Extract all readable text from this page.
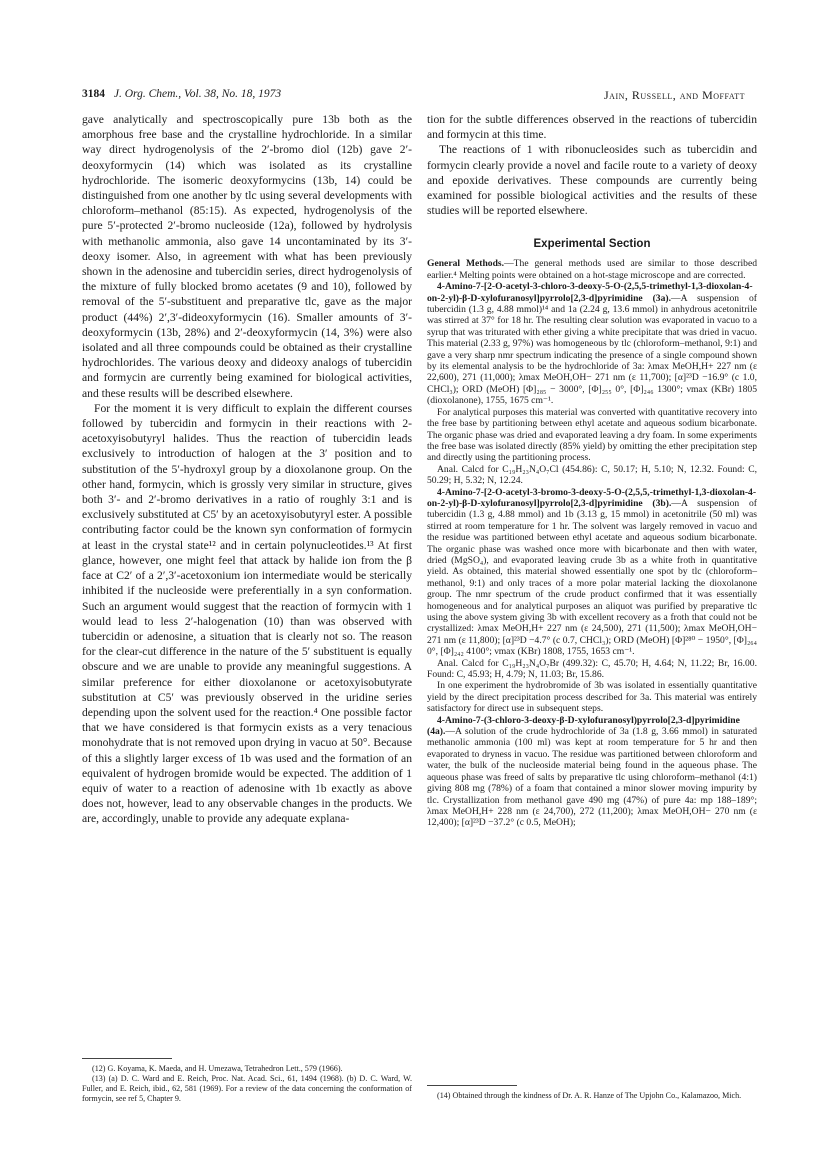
3184 J. Org. Chem., Vol. 38, No. 18, 1973	Jain, Russell, and Moffatt

gave analytically and spectroscopically pure 13b both as the amorphous free base and the crystalline hydrochloride. In a similar way direct hydrogenolysis of the 2′-bromo diol (12b) gave 2′-deoxyformycin (14) which was isolated as its crystalline hydrochloride. The isomeric deoxyformycins (13b, 14) could be distinguished from one another by tlc using several developments with chloroform–methanol (85:15). As expected, hydrogenolysis of the pure 5′-protected 2′-bromo nucleoside (12a), followed by hydrolysis with methanolic ammonia, also gave 14 uncontaminated by its 3′-deoxy isomer. Also, in agreement with what has been previously shown in the adenosine and tubercidin series, direct hydrogenolysis of the mixture of fully blocked bromo acetates (9 and 10), followed by removal of the 5′-substituent and preparative tlc, gave as the major product (44%) 2′,3′-dideoxyformycin (16). Smaller amounts of 3′-deoxyformycin (13b, 28%) and 2′-deoxyformycin (14, 3%) were also isolated and all three compounds could be obtained as their crystalline hydrochlorides. The various deoxy and dideoxy analogs of tubercidin and formycin are currently being examined for biological activities, and these results will be described elsewhere.

For the moment it is very difficult to explain the different courses followed by tubercidin and formycin in their reactions with 2-acetoxyisobutyryl halides. Thus the reaction of tubercidin leads exclusively to introduction of halogen at the 3′ position and to substitution of the 5′-hydroxyl group by a dioxolanone group. On the other hand, formycin, which is grossly very similar in structure, gives both 3′- and 2′-bromo derivatives in a ratio of roughly 3:1 and is exclusively substituted at C5′ by an acetoxyisobutyryl ester. A possible contributing factor could be the known syn conformation of formycin at least in the crystal state¹² and in certain polynucleotides.¹³ At first glance, however, one might feel that attack by halide ion from the β face at C2′ of a 2′,3′-acetoxonium ion intermediate would be sterically inhibited if the nucleoside were preferentially in a syn conformation. Such an argument would suggest that the reaction of formycin with 1 would lead to less 2′-halogenation (10) than was observed with tubercidin or adenosine, a situation that is clearly not so. The reason for the clear-cut difference in the nature of the 5′ substituent is equally obscure and we are unable to provide any meaningful suggestions. A similar preference for either dioxolanone or acetoxyisobutyrate substitution at C5′ was previously observed in the uridine series depending upon the solvent used for the reaction.⁴ One possible factor that we have considered is that formycin exists as a very tenacious monohydrate that is not removed upon drying in vacuo at 50°. Because of this a slightly larger excess of 1b was used and the formation of an equivalent of hydrogen bromide would be expected. The addition of 1 equiv of water to a reaction of adenosine with 1b exactly as above does not, however, lead to any observable changes in the products. We are, accordingly, unable to provide any adequate explana-

tion for the subtle differences observed in the reactions of tubercidin and formycin at this time.

The reactions of 1 with ribonucleosides such as tubercidin and formycin clearly provide a novel and facile route to a variety of deoxy and epoxide derivatives. These compounds are currently being examined for possible biological activities and the results of these studies will be reported elsewhere.

Experimental Section

General Methods.—The general methods used are similar to those described earlier.⁴ Melting points were obtained on a hot-stage microscope and are corrected.

4-Amino-7-[2-O-acetyl-3-chloro-3-deoxy-5-O-(2,5,5-trimethyl-1,3-dioxolan-4-on-2-yl)-β-D-xylofuranosyl]pyrrolo[2,3-d]pyrimidine (3a).—A suspension of tubercidin (1.3 g, 4.88 mmol)¹⁴ and 1a (2.24 g, 13.6 mmol) in anhydrous acetonitrile was stirred at 37° for 18 hr. The resulting clear solution was evaporated in vacuo to a syrup that was triturated with ether giving a white precipitate that was dried in vacuo. This material (2.33 g, 97%) was homogeneous by tlc (chloroform–methanol, 9:1) and gave a very sharp nmr spectrum indicating the presence of a single compound shown by its elemental analysis to be the hydrochloride of 3a: λmax MeOH,H+ 227 nm (ε 22,600), 271 (11,000); λmax MeOH,OH− 271 nm (ε 11,700); [α]²³D −16.9° (c 1.0, CHCl₃); ORD (MeOH) [Φ]₂₈₅ − 3000°, [Φ]₂₅₅ 0°, [Φ]₂₄₆ 1300°; νmax (KBr) 1805 (dioxolanone), 1755, 1675 cm⁻¹.

For analytical purposes this material was converted with quantitative recovery into the free base by partitioning between ethyl acetate and aqueous sodium bicarbonate. The organic phase was dried and evaporated leaving a dry foam. In some experiments the free base was isolated directly (85% yield) by omitting the ether precipitation step and directly using the partitioning process.

Anal. Calcd for C₁₉H₂₃N₄O₇Cl (454.86): C, 50.17; H, 5.10; N, 12.32. Found: C, 50.29; H, 5.32; N, 12.24.

4-Amino-7-[2-O-acetyl-3-bromo-3-deoxy-5-O-(2,5,5,-trimethyl-1,3-dioxolan-4-on-2-yl)-β-D-xylofuranosyl]pyrrolo[2,3-d]pyrimidine (3b).—A suspension of tubercidin (1.3 g, 4.88 mmol) and 1b (3.13 g, 15 mmol) in acetonitrile (50 ml) was stirred at room temperature for 1 hr. The solvent was largely removed in vacuo and the residue was partitioned between ethyl acetate and aqueous sodium bicarbonate. The organic phase was washed once more with bicarbonate and then with water, dried (MgSO₄), and evaporated leaving crude 3b as a white froth in quantitative yield. As obtained, this material showed essentially one spot by tlc (chloroform–methanol, 9:1) and only traces of a more polar material lacking the dioxolanone group. The nmr spectrum of the crude product confirmed that it was essentially homogeneous and for analytical purposes an aliquot was purified by preparative tlc using the above system giving 3b with excellent recovery as a froth that could not be crystallized: λmax MeOH,H+ 227 nm (ε 24,500), 271 (11,500); λmax MeOH,OH− 271 nm (ε 11,800); [α]²³D −4.7° (c 0.7, CHCl₃); ORD (MeOH) [Φ]²⁸⁰ − 1950°, [Φ]₂₆₄ 0°, [Φ]₂₄₂ 4100°; νmax (KBr) 1808, 1755, 1653 cm⁻¹.

Anal. Calcd for C₁₉H₂₃N₄O₇Br (499.32): C, 45.70; H, 4.64; N, 11.22; Br, 16.00. Found: C, 45.93; H, 4.79; N, 11.03; Br, 15.86.

In one experiment the hydrobromide of 3b was isolated in essentially quantitative yield by the direct precipitation process described for 3a. This material was entirely satisfactory for direct use in subsequent steps.

4-Amino-7-(3-chloro-3-deoxy-β-D-xylofuranosyl)pyrrolo[2,3-d]pyrimidine (4a).—A solution of the crude hydrochloride of 3a (1.8 g, 3.66 mmol) in saturated methanolic ammonia (100 ml) was kept at room temperature for 5 hr and then evaporated to dryness in vacuo. The residue was partitioned between chloroform and water, the bulk of the nucleoside material being found in the aqueous phase. The aqueous phase was freed of salts by preparative tlc using chloroform–methanol (4:1) giving 808 mg (78%) of a foam that contained a minor slower moving impurity by tlc. Crystallization from methanol gave 490 mg (47%) of pure 4a: mp 188–189°; λmax MeOH,H+ 228 nm (ε 24,700), 272 (11,200); λmax MeOH,OH− 270 nm (ε 12,400); [α]²³D −37.2° (c 0.5, MeOH);

(12) G. Koyama, K. Maeda, and H. Umezawa, Tetrahedron Lett., 579 (1966).

(13) (a) D. C. Ward and E. Reich, Proc. Nat. Acad. Sci., 61, 1494 (1968). (b) D. C. Ward, W. Fuller, and E. Reich, ibid., 62, 581 (1969). For a review of the data concerning the conformation of formycin, see ref 5, Chapter 9.	(14) Obtained through the kindness of Dr. A. R. Hanze of The Upjohn Co., Kalamazoo, Mich.
